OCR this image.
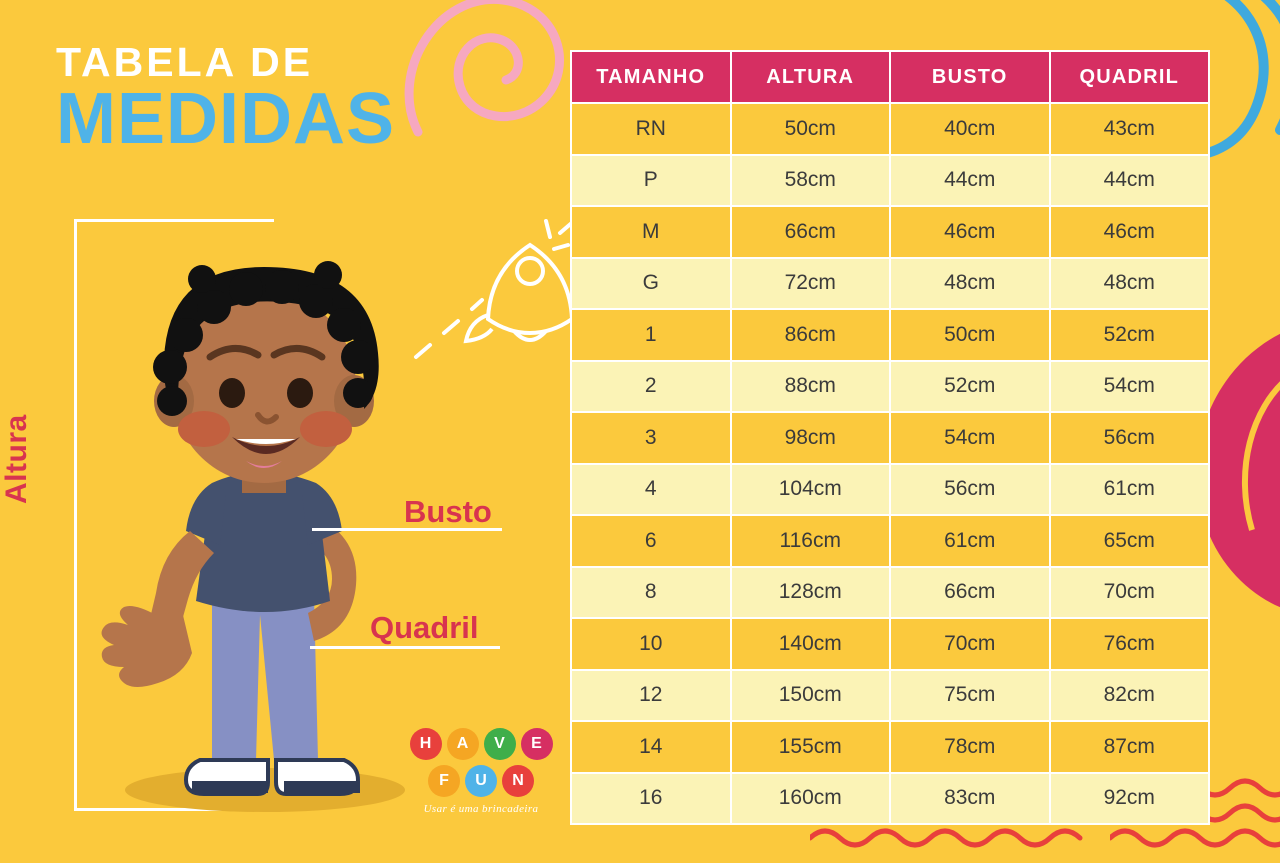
TABELA DE
MEDIDAS
Altura
Busto
Quadril
H	A	V	E
F	U	N
Usar é uma brincadeira
TAMANHO	ALTURA	BUSTO	QUADRIL
RN	50cm	40cm	43cm
P	58cm	44cm	44cm
M	66cm	46cm	46cm
G	72cm	48cm	48cm
1	86cm	50cm	52cm
2	88cm	52cm	54cm
3	98cm	54cm	56cm
4	104cm	56cm	61cm
6	116cm	61cm	65cm
8	128cm	66cm	70cm
10	140cm	70cm	76cm
12	150cm	75cm	82cm
14	155cm	78cm	87cm
16	160cm	83cm	92cm
